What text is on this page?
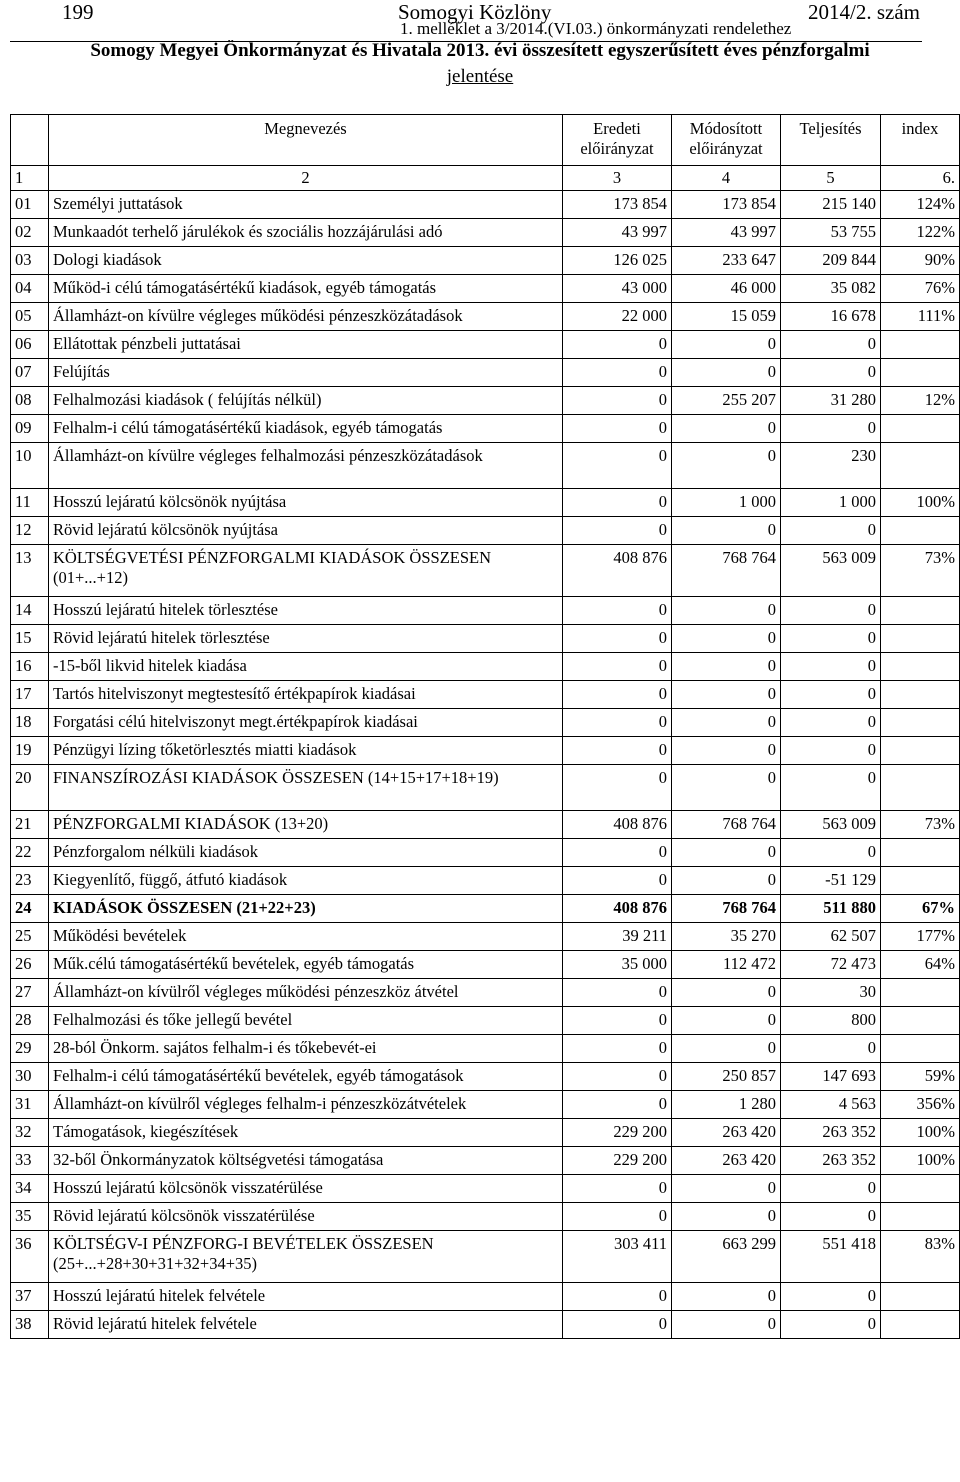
199	Somogyi Közlöny	2014/2. szám
1. melléklet a 3/2014.(VI.03.) önkormányzati rendelethez
Somogy Megyei Önkormányzat és Hivatala 2013. évi összesített egyszerűsített éves pénzforgalmi
jelentése
	Megnevezés	Eredeti előirányzat	Módosított előirányzat	Teljesítés	index
1	2	3	4	5	6.
01	Személyi juttatások	173 854	173 854	215 140	124%
02	Munkaadót terhelő járulékok és szociális hozzájárulási adó	43 997	43 997	53 755	122%
03	Dologi kiadások	126 025	233 647	209 844	90%
04	Működ-i célú támogatásértékű kiadások, egyéb támogatás	43 000	46 000	35 082	76%
05	Államházt-on kívülre végleges működési pénzeszközátadások	22 000	15 059	16 678	111%
06	Ellátottak pénzbeli juttatásai	0	0	0	
07	Felújítás	0	0	0	
08	Felhalmozási kiadások ( felújítás nélkül)	0	255 207	31 280	12%
09	Felhalm-i célú támogatásértékű kiadások, egyéb támogatás	0	0	0	
10	Államházt-on kívülre végleges felhalmozási pénzeszközátadások	0	0	230	
11	Hosszú lejáratú kölcsönök nyújtása	0	1 000	1 000	100%
12	Rövid lejáratú kölcsönök nyújtása	0	0	0	
13	KÖLTSÉGVETÉSI PÉNZFORGALMI KIADÁSOK ÖSSZESEN (01+...+12)	408 876	768 764	563 009	73%
14	Hosszú lejáratú hitelek törlesztése	0	0	0	
15	Rövid lejáratú hitelek törlesztése	0	0	0	
16	-15-ből likvid hitelek kiadása	0	0	0	
17	Tartós hitelviszonyt megtestesítő értékpapírok kiadásai	0	0	0	
18	Forgatási célú hitelviszonyt megt.értékpapírok kiadásai	0	0	0	
19	Pénzügyi lízing tőketörlesztés miatti kiadások	0	0	0	
20	FINANSZÍROZÁSI KIADÁSOK ÖSSZESEN (14+15+17+18+19)	0	0	0	
21	PÉNZFORGALMI KIADÁSOK (13+20)	408 876	768 764	563 009	73%
22	Pénzforgalom nélküli kiadások	0	0	0	
23	Kiegyenlítő, függő, átfutó kiadások	0	0	-51 129	
24	KIADÁSOK ÖSSZESEN (21+22+23)	408 876	768 764	511 880	67%
25	Működési bevételek	39 211	35 270	62 507	177%
26	Műk.célú támogatásértékű bevételek, egyéb támogatás	35 000	112 472	72 473	64%
27	Államházt-on kívülről végleges működési pénzeszköz átvétel	0	0	30	
28	Felhalmozási és tőke jellegű bevétel	0	0	800	
29	28-ból Önkorm. sajátos felhalm-i és tőkebevét-ei	0	0	0	
30	Felhalm-i célú támogatásértékű bevételek, egyéb támogatások	0	250 857	147 693	59%
31	Államházt-on kívülről végleges felhalm-i pénzeszközátvételek	0	1 280	4 563	356%
32	Támogatások, kiegészítések	229 200	263 420	263 352	100%
33	32-ből Önkormányzatok költségvetési támogatása	229 200	263 420	263 352	100%
34	Hosszú lejáratú kölcsönök visszatérülése	0	0	0	
35	Rövid lejáratú kölcsönök visszatérülése	0	0	0	
36	KÖLTSÉGV-I PÉNZFORG-I BEVÉTELEK ÖSSZESEN (25+...+28+30+31+32+34+35)	303 411	663 299	551 418	83%
37	Hosszú lejáratú hitelek felvétele	0	0	0	
38	Rövid lejáratú hitelek felvétele	0	0	0	
